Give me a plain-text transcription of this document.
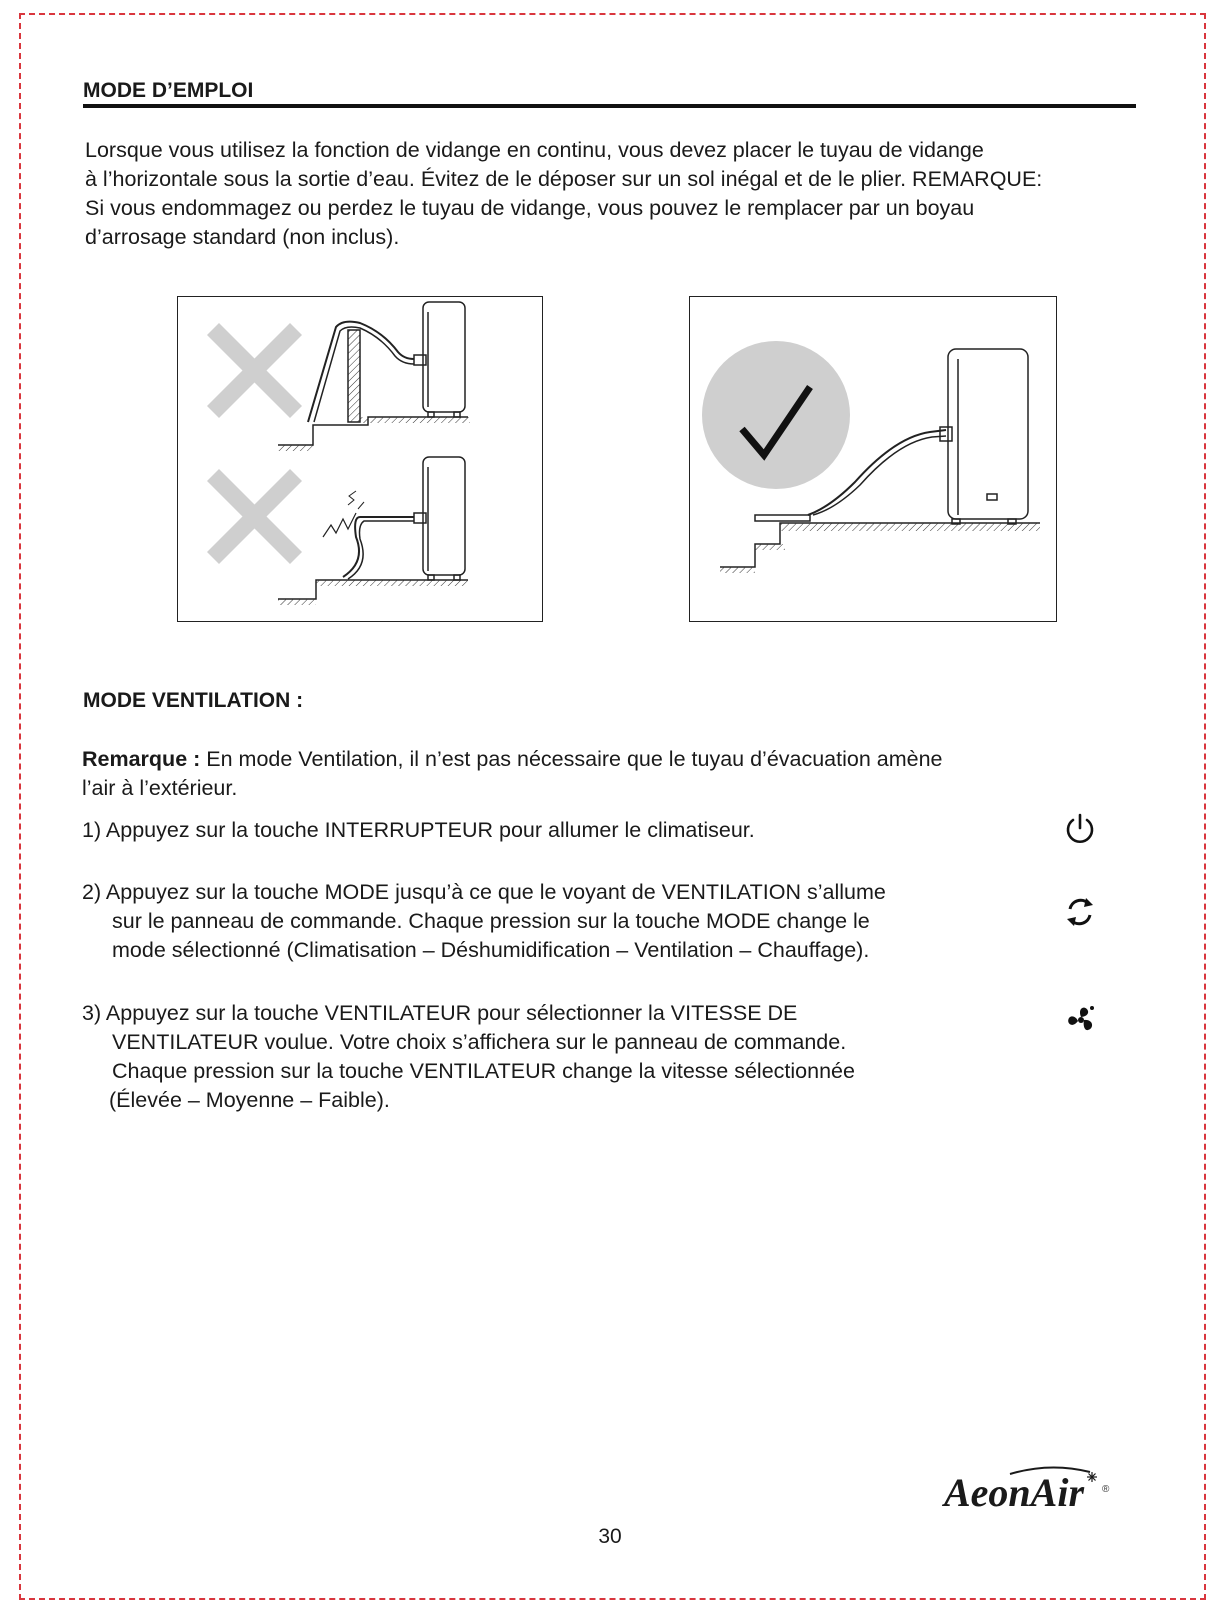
MODE D’EMPLOI

Lorsque vous utilisez la fonction de vidange en continu, vous devez placer le tuyau de vidange

à l’horizontale sous la sortie d’eau. Évitez de le déposer sur un sol inégal et de le plier. REMARQUE:

Si vous endommagez ou perdez le tuyau de vidange, vous pouvez le remplacer par un boyau

d’arrosage standard (non inclus).

MODE VENTILATION :

Remarque : En mode Ventilation, il n’est pas nécessaire que le tuyau d’évacuation amène

l’air à l’extérieur.

1) Appuyez sur la touche INTERRUPTEUR pour allumer le climatiseur.
2) Appuyez sur la touche MODE jusqu’à ce que le voyant de VENTILATION s’allume
sur le panneau de commande. Chaque pression sur la touche MODE change le
mode sélectionné (Climatisation – Déshumidification – Ventilation – Chauffage).
3) Appuyez sur la touche VENTILATEUR pour sélectionner la VITESSE DE
VENTILATEUR voulue. Votre choix s’affichera sur le panneau de commande.
Chaque pression sur la touche VENTILATEUR change la vitesse sélectionnée
(Élevée – Moyenne – Faible).
AeonAir ®
30
